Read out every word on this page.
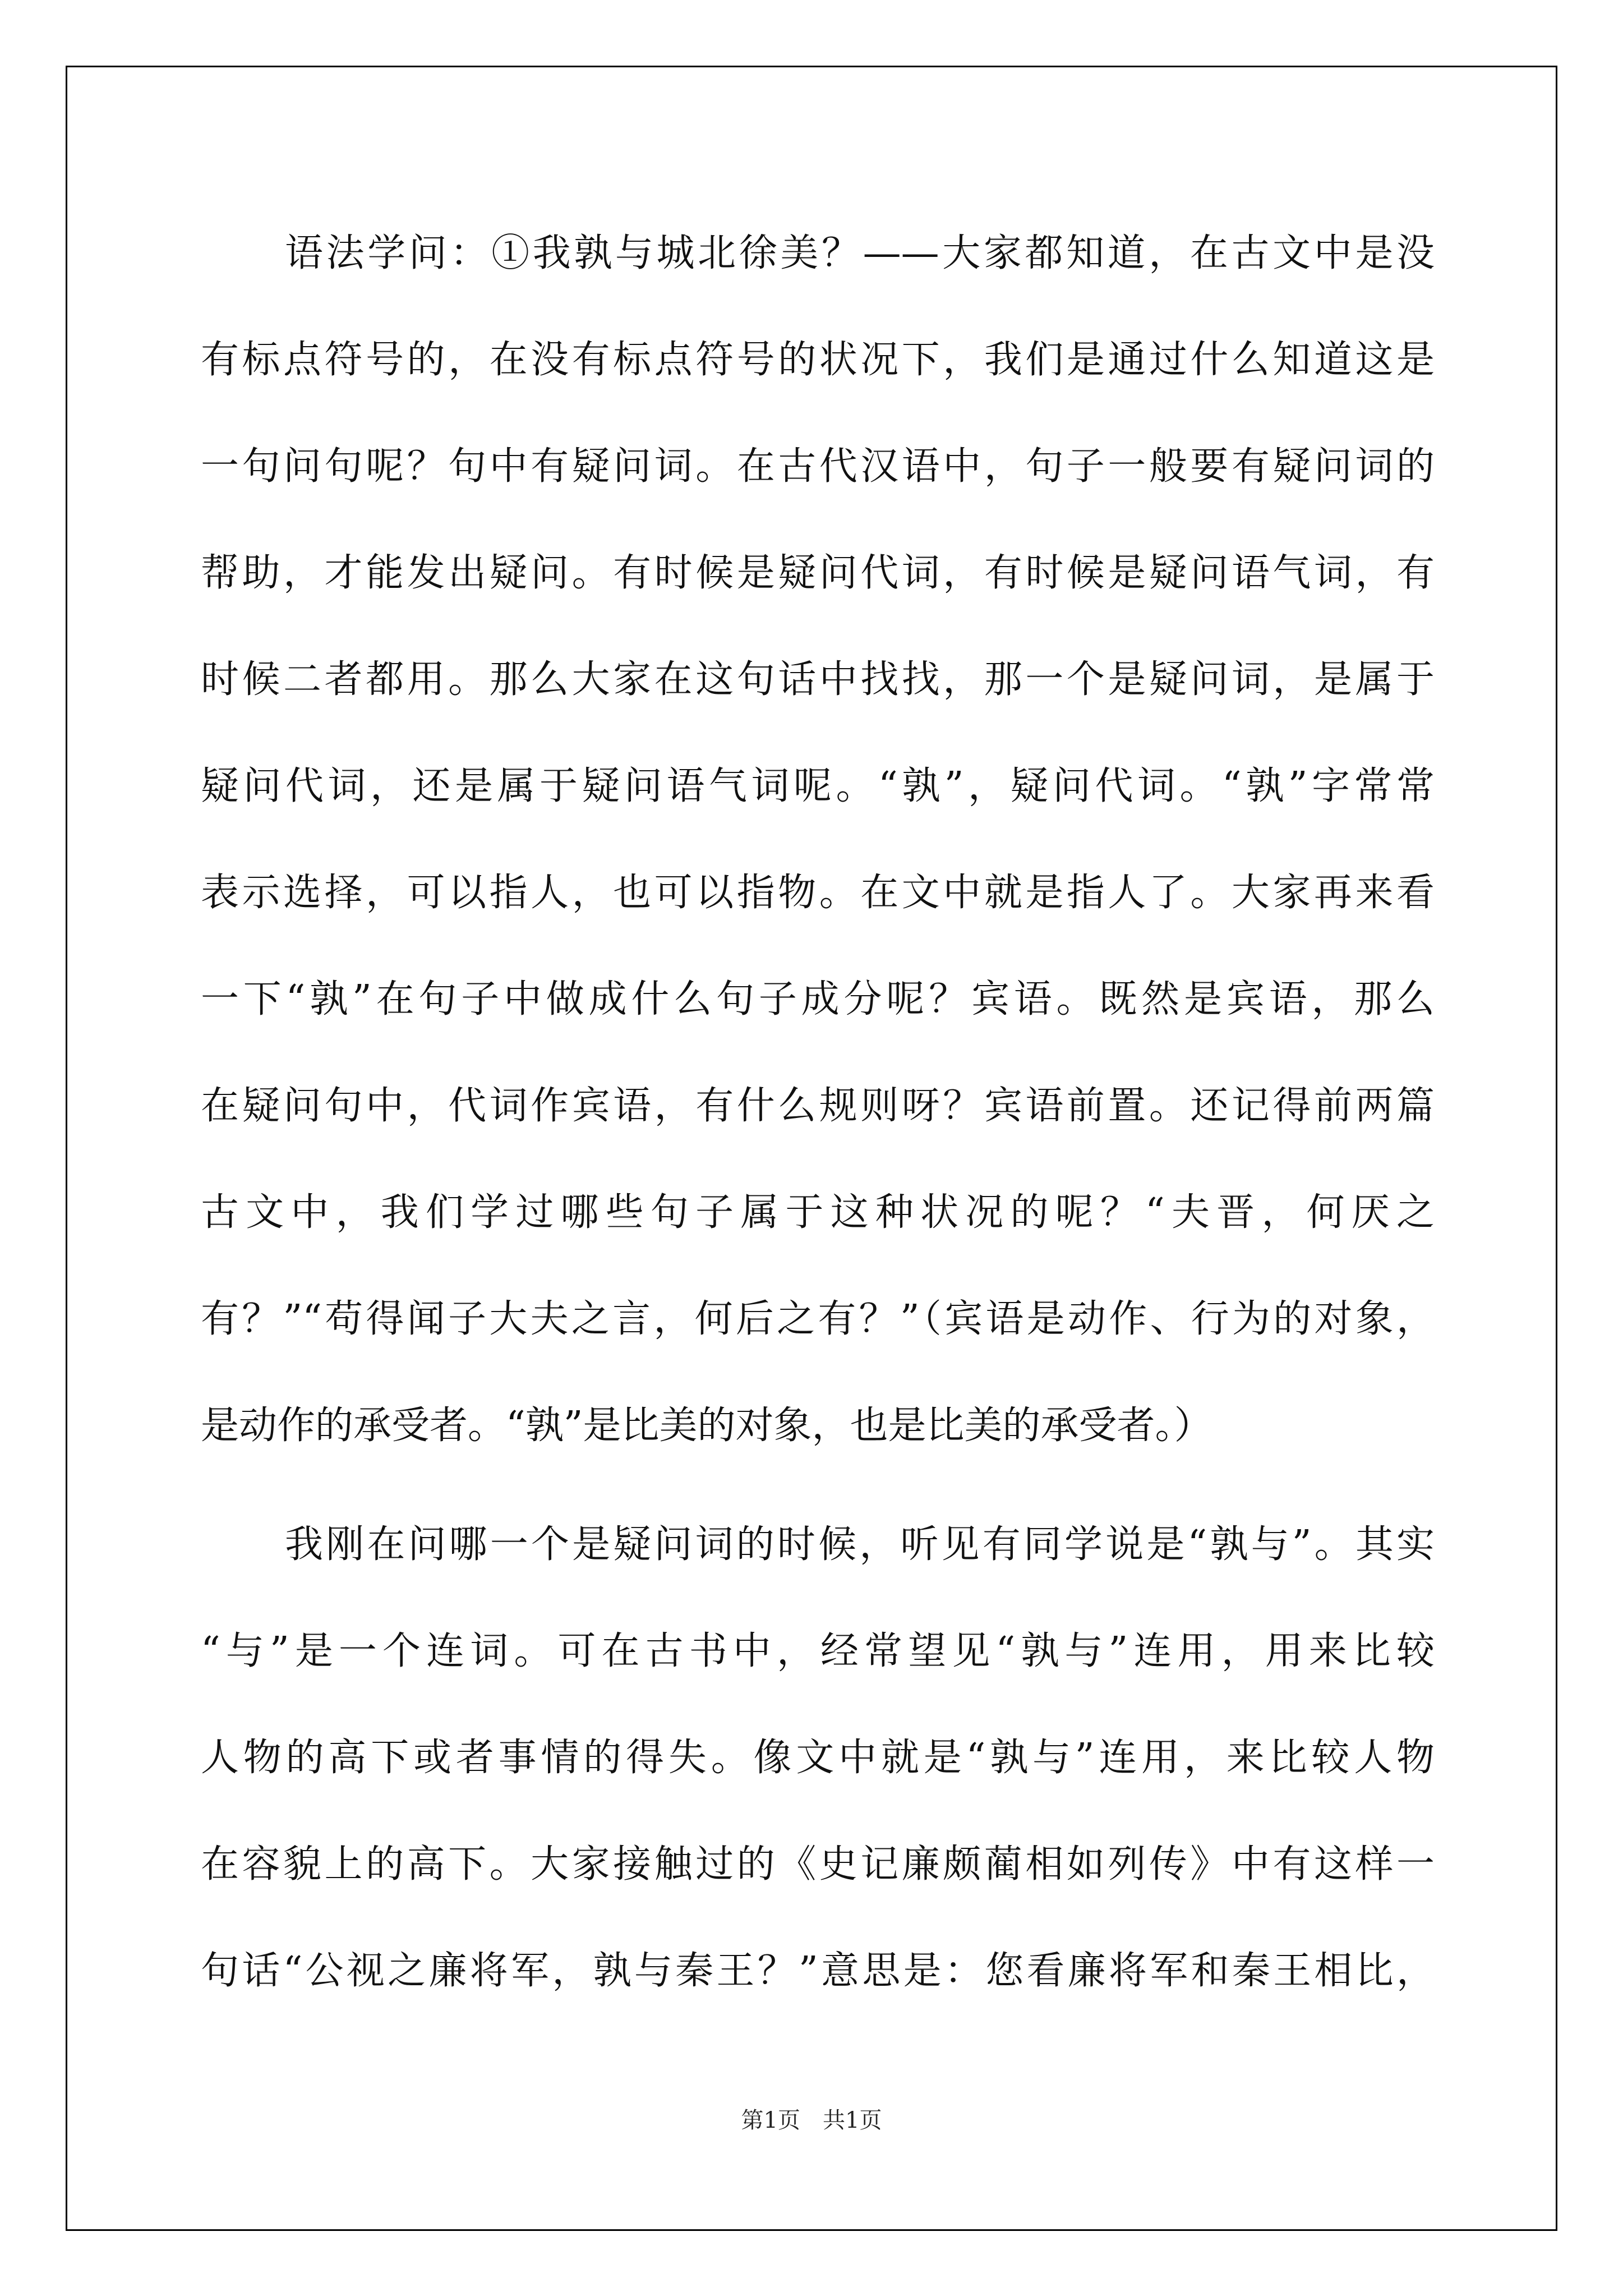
语法学问：①我孰与城北徐美？——大家都知道，在古文中是没
有标点符号的，在没有标点符号的状况下，我们是通过什么知道这是
一句问句呢？句中有疑问词。在古代汉语中，句子一般要有疑问词的
帮助，才能发出疑问。有时候是疑问代词，有时候是疑问语气词，有
时候二者都用。那么大家在这句话中找找，那一个是疑问词，是属于
疑问代词，还是属于疑问语气词呢。“孰”，疑问代词。“孰”字常常
表示选择，可以指人，也可以指物。在文中就是指人了。大家再来看
一下“孰”在句子中做成什么句子成分呢？宾语。既然是宾语，那么
在疑问句中，代词作宾语，有什么规则呀？宾语前置。还记得前两篇
古文中，我们学过哪些句子属于这种状况的呢？“夫晋，何厌之
有？”“苟得闻子大夫之言，何后之有？”（宾语是动作、行为的对象，
是动作的承受者。“孰”是比美的对象，也是比美的承受者。）
我刚在问哪一个是疑问词的时候，听见有同学说是“孰与”。其实
“与”是一个连词。可在古书中，经常望见“孰与”连用，用来比较
人物的高下或者事情的得失。像文中就是“孰与”连用，来比较人物
在容貌上的高下。大家接触过的《史记廉颇蔺相如列传》中有这样一
句话“公视之廉将军，孰与秦王？”意思是：您看廉将军和秦王相比，
第1页　共1页
